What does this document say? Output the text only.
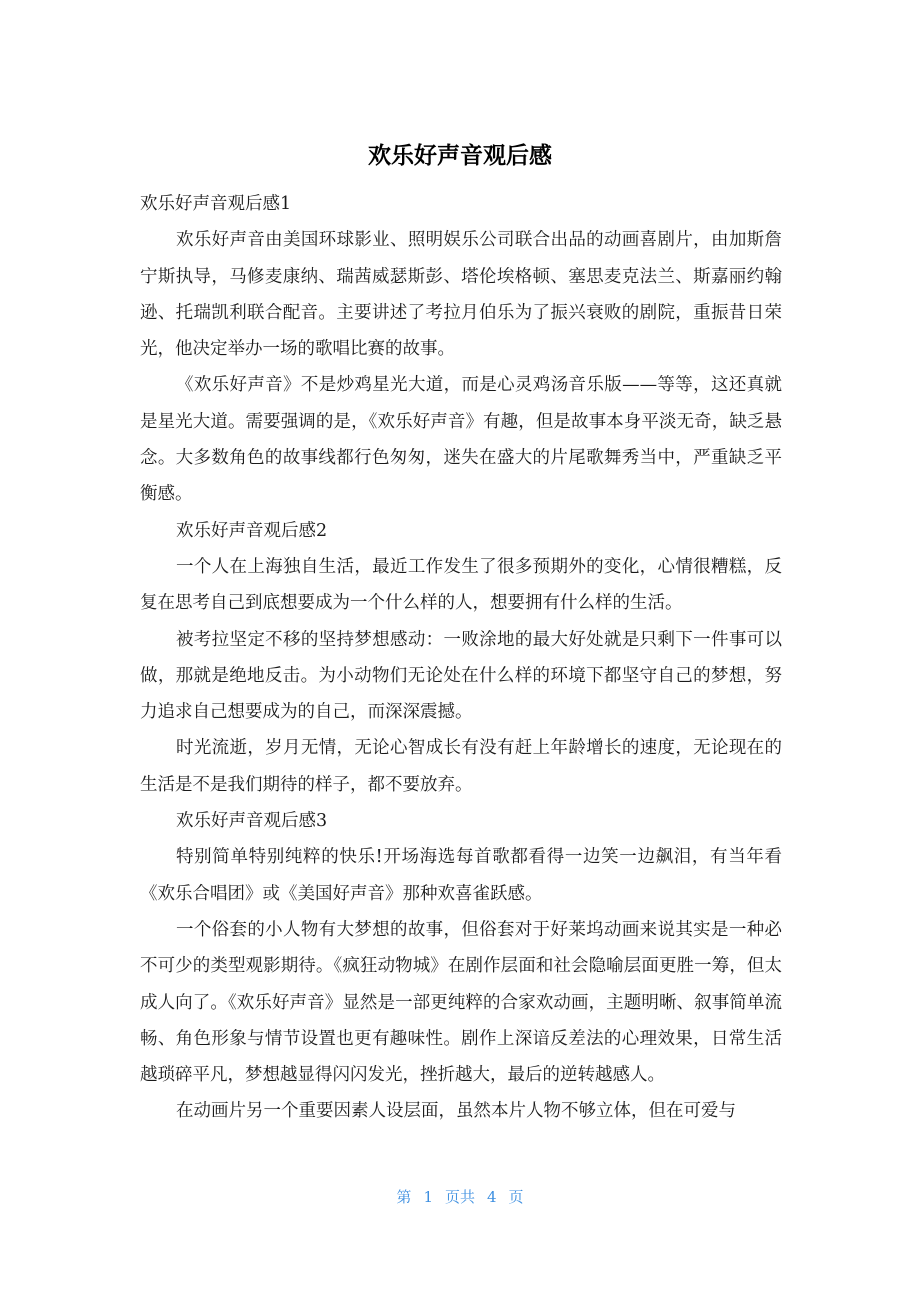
欢乐好声音观后感

欢乐好声音观后感1

欢乐好声音由美国环球影业、照明娱乐公司联合出品的动画喜剧片，由加斯詹宁斯执导，马修麦康纳、瑞茜威瑟斯彭、塔伦埃格顿、塞思麦克法兰、斯嘉丽约翰逊、托瑞凯利联合配音。主要讲述了考拉月伯乐为了振兴衰败的剧院，重振昔日荣光，他决定举办一场的歌唱比赛的故事。

《欢乐好声音》不是炒鸡星光大道，而是心灵鸡汤音乐版——等等，这还真就是星光大道。需要强调的是，《欢乐好声音》有趣，但是故事本身平淡无奇，缺乏悬念。大多数角色的故事线都行色匆匆，迷失在盛大的片尾歌舞秀当中，严重缺乏平衡感。

欢乐好声音观后感2

一个人在上海独自生活，最近工作发生了很多预期外的变化，心情很糟糕，反复在思考自己到底想要成为一个什么样的人，想要拥有什么样的生活。

被考拉坚定不移的坚持梦想感动：一败涂地的最大好处就是只剩下一件事可以做，那就是绝地反击。为小动物们无论处在什么样的环境下都坚守自己的梦想，努力追求自己想要成为的自己，而深深震撼。

时光流逝，岁月无情，无论心智成长有没有赶上年龄增长的速度，无论现在的生活是不是我们期待的样子，都不要放弃。

欢乐好声音观后感3

特别简单特别纯粹的快乐!开场海选每首歌都看得一边笑一边飙泪，有当年看《欢乐合唱团》或《美国好声音》那种欢喜雀跃感。

一个俗套的小人物有大梦想的故事，但俗套对于好莱坞动画来说其实是一种必不可少的类型观影期待。《疯狂动物城》在剧作层面和社会隐喻层面更胜一筹，但太成人向了。《欢乐好声音》显然是一部更纯粹的合家欢动画，主题明晰、叙事简单流畅、角色形象与情节设置也更有趣味性。剧作上深谙反差法的心理效果，日常生活越琐碎平凡，梦想越显得闪闪发光，挫折越大，最后的逆转越感人。

在动画片另一个重要因素人设层面，虽然本片人物不够立体，但在可爱与

第 1 页共 4 页
